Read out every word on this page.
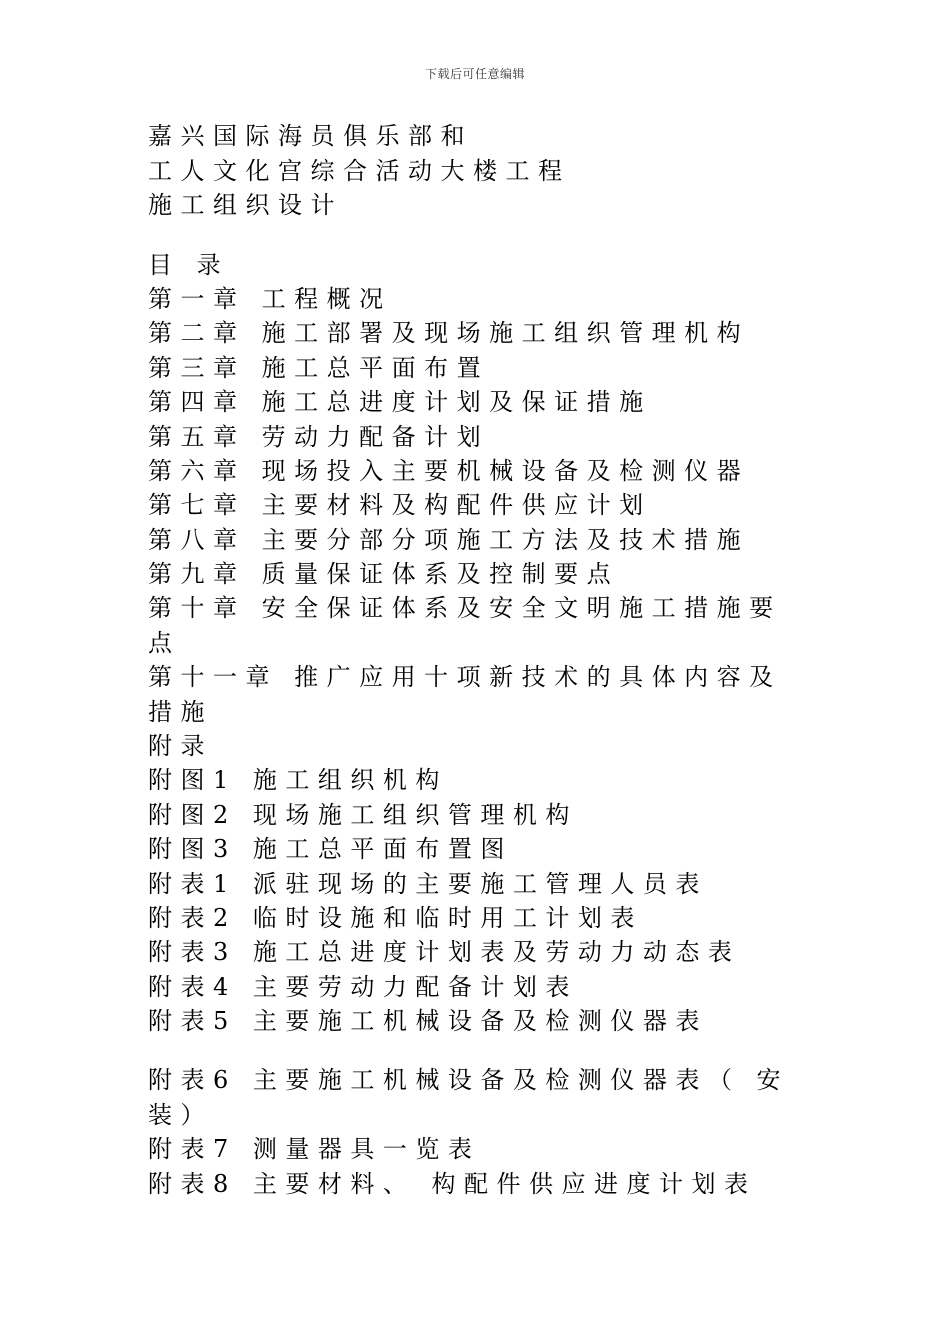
下载后可任意编辑
嘉兴国际海员俱乐部和
工人文化宫综合活动大楼工程
施工组织设计
目 录
第一章 工程概况
第二章 施工部署及现场施工组织管理机构
第三章 施工总平面布置
第四章 施工总进度计划及保证措施
第五章 劳动力配备计划
第六章 现场投入主要机械设备及检测仪器
第七章 主要材料及构配件供应计划
第八章 主要分部分项施工方法及技术措施
第九章 质量保证体系及控制要点
第十章 安全保证体系及安全文明施工措施要
点
第十一章 推广应用十项新技术的具体内容及
措施
附录
附图1 施工组织机构
附图2 现场施工组织管理机构
附图3 施工总平面布置图
附表1 派驻现场的主要施工管理人员表
附表2 临时设施和临时用工计划表
附表3 施工总进度计划表及劳动力动态表
附表4 主要劳动力配备计划表
附表5 主要施工机械设备及检测仪器表
附表6 主要施工机械设备及检测仪器表（ 安
装）
附表7 测量器具一览表
附表8 主要材料、 构配件供应进度计划表
